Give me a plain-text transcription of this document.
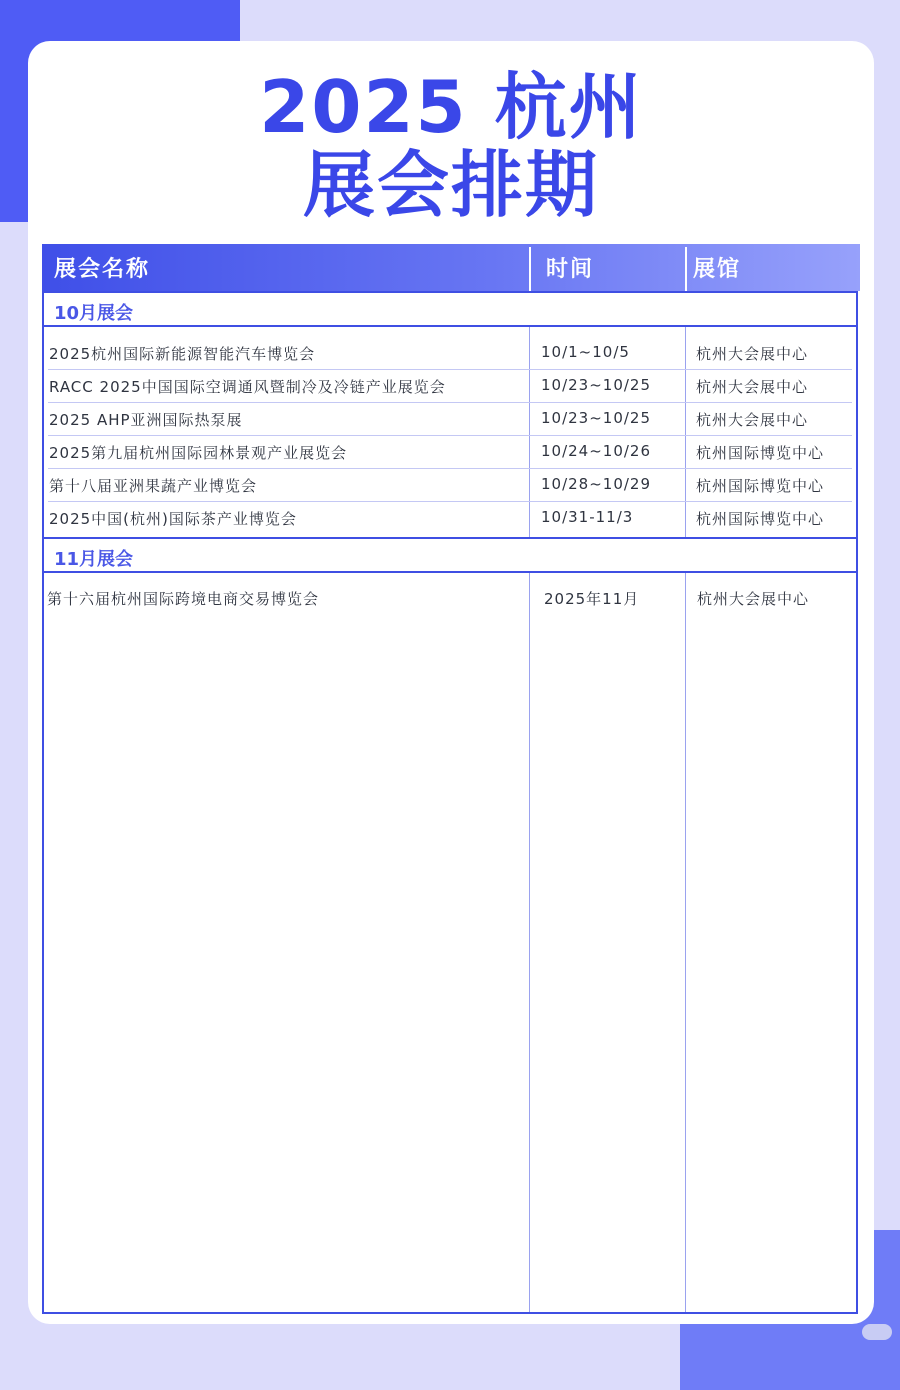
2025 杭州
展会排期
展会名称	时间	展馆
10月展会
2025杭州国际新能源智能汽车博览会	10/1~10/5	杭州大会展中心
RACC 2025中国国际空调通风暨制冷及冷链产业展览会	10/23~10/25	杭州大会展中心
2025 AHP亚洲国际热泵展	10/23~10/25	杭州大会展中心
2025第九届杭州国际园林景观产业展览会	10/24~10/26	杭州国际博览中心
第十八届亚洲果蔬产业博览会	10/28~10/29	杭州国际博览中心
2025中国(杭州)国际茶产业博览会	10/31-11/3	杭州国际博览中心
11月展会
第十六届杭州国际跨境电商交易博览会	2025年11月	杭州大会展中心
